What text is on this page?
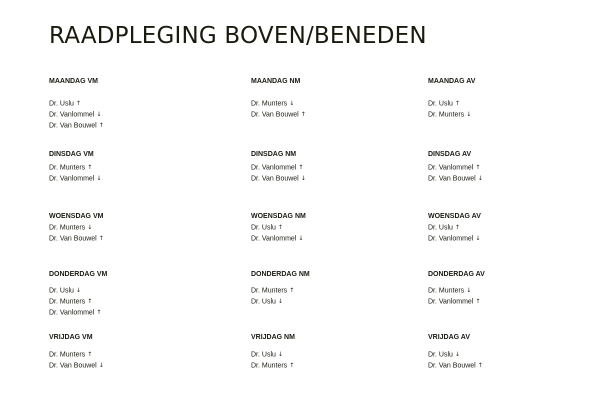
RAADPLEGING BOVEN/BENEDEN
MAANDAG VM
Dr. Uslu ↑
Dr. Vanlommel ↓
Dr. Van Bouwel ↑
MAANDAG NM
Dr. Munters ↓
Dr. Van Bouwel ↑
MAANDAG AV
Dr. Uslu ↑
Dr. Munters ↓
DINSDAG VM
Dr. Munters ↑
Dr. Vanlommel ↓
DINSDAG NM
Dr. Vanlommel ↑
Dr. Van Bouwel ↓
DINSDAG AV
Dr. Vanlommel ↑
Dr. Van Bouwel ↓
WOENSDAG VM
Dr. Munters ↓
Dr. Van Bouwel ↑
WOENSDAG NM
Dr. Uslu ↑
Dr. Vanlommel ↓
WOENSDAG AV
Dr. Uslu ↑
Dr. Vanlommel ↓
DONDERDAG VM
Dr. Uslu ↓
Dr. Munters ↑
Dr. Vanlommel ↑
DONDERDAG NM
Dr. Munters ↑
Dr. Uslu ↓
DONDERDAG AV
Dr. Munters ↓
Dr. Vanlommel ↑
VRIJDAG VM
Dr. Munters ↑
Dr. Van Bouwel ↓
VRIJDAG NM
Dr. Uslu ↓
Dr. Munters ↑
VRIJDAG AV
Dr. Uslu ↓
Dr. Van Bouwel ↑
